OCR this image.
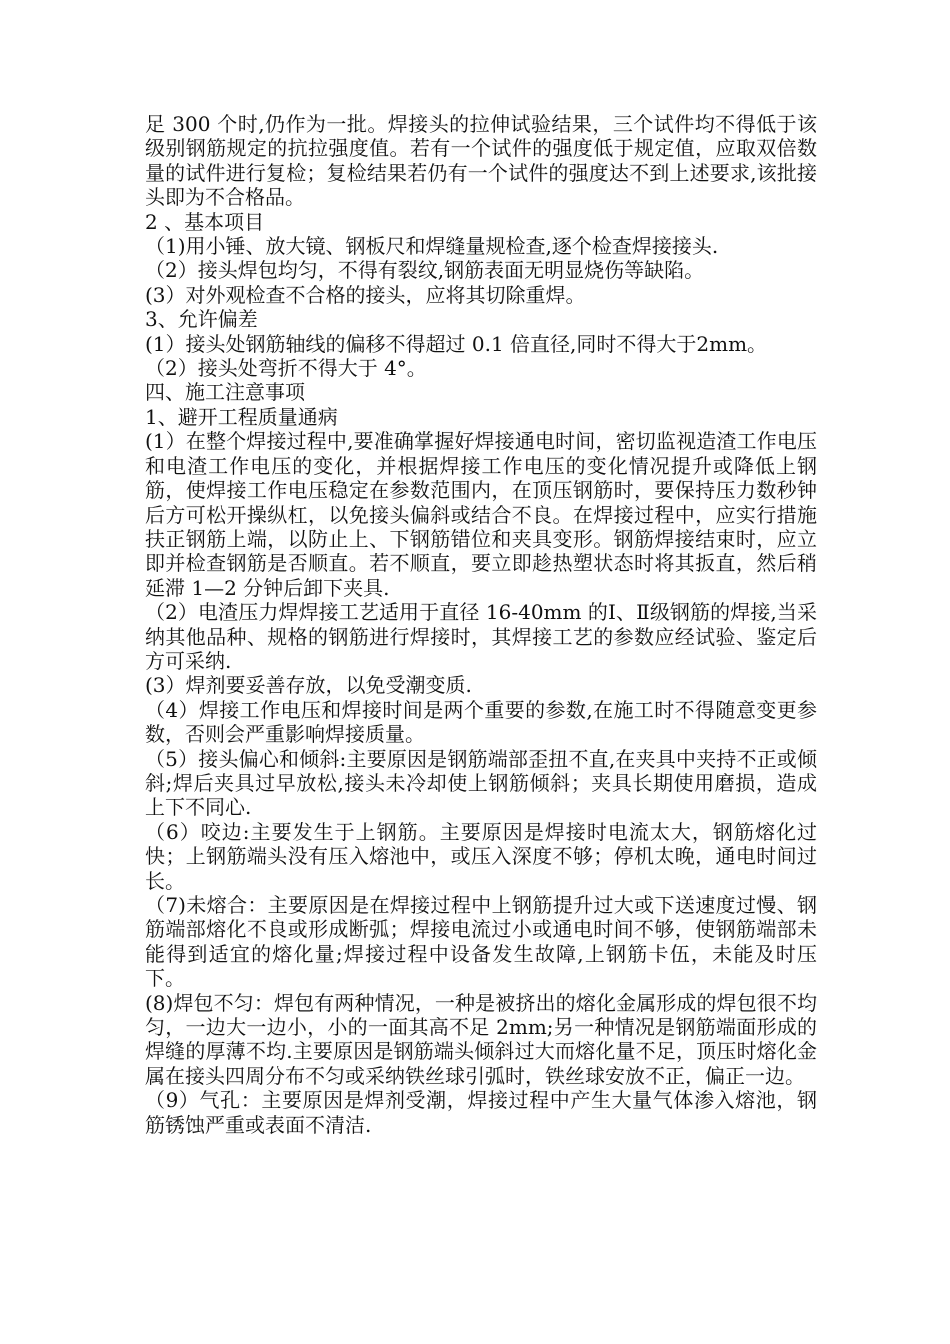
足 300 个时,仍作为一批。焊接头的拉伸试验结果，三个试件均不得低于该级别钢筋规定的抗拉强度值。若有一个试件的强度低于规定值，应取双倍数量的试件进行复检；复检结果若仍有一个试件的强度达不到上述要求,该批接头即为不合格品。

2 、基本项目

（1)用小锤、放大镜、钢板尺和焊缝量规检查,逐个检查焊接接头.

（2）接头焊包均匀，不得有裂纹,钢筋表面无明显烧伤等缺陷。

(3）对外观检查不合格的接头，应将其切除重焊。

3、允许偏差

(1）接头处钢筋轴线的偏移不得超过 0.1 倍直径,同时不得大于2mm。

（2）接头处弯折不得大于 4°。

四、施工注意事项

1、避开工程质量通病

(1）在整个焊接过程中,要准确掌握好焊接通电时间，密切监视造渣工作电压和电渣工作电压的变化，并根据焊接工作电压的变化情况提升或降低上钢筋，使焊接工作电压稳定在参数范围内，在顶压钢筋时，要保持压力数秒钟后方可松开操纵杠，以免接头偏斜或结合不良。在焊接过程中，应实行措施扶正钢筋上端，以防止上、下钢筋错位和夹具变形。钢筋焊接结束时，应立即并检查钢筋是否顺直。若不顺直，要立即趁热塑状态时将其扳直，然后稍延滞 1—2 分钟后卸下夹具.

（2）电渣压力焊焊接工艺适用于直径 16-40mm 的Ⅰ、Ⅱ级钢筋的焊接,当采纳其他品种、规格的钢筋进行焊接时，其焊接工艺的参数应经试验、鉴定后方可采纳.

(3）焊剂要妥善存放，以免受潮变质.

（4）焊接工作电压和焊接时间是两个重要的参数,在施工时不得随意变更参数，否则会严重影响焊接质量。

（5）接头偏心和倾斜:主要原因是钢筋端部歪扭不直,在夹具中夹持不正或倾斜;焊后夹具过早放松,接头未冷却使上钢筋倾斜；夹具长期使用磨损，造成上下不同心.

（6）咬边:主要发生于上钢筋。主要原因是焊接时电流太大，钢筋熔化过快；上钢筋端头没有压入熔池中，或压入深度不够；停机太晚，通电时间过长。

（7)未熔合：主要原因是在焊接过程中上钢筋提升过大或下送速度过慢、钢筋端部熔化不良或形成断弧；焊接电流过小或通电时间不够，使钢筋端部未能得到适宜的熔化量;焊接过程中设备发生故障,上钢筋卡伍，未能及时压下。

(8)焊包不匀：焊包有两种情况，一种是被挤出的熔化金属形成的焊包很不均匀，一边大一边小，小的一面其高不足 2mm;另一种情况是钢筋端面形成的焊缝的厚薄不均.主要原因是钢筋端头倾斜过大而熔化量不足，顶压时熔化金属在接头四周分布不匀或采纳铁丝球引弧时，铁丝球安放不正，偏正一边。

（9）气孔：主要原因是焊剂受潮，焊接过程中产生大量气体渗入熔池，钢筋锈蚀严重或表面不清洁.
